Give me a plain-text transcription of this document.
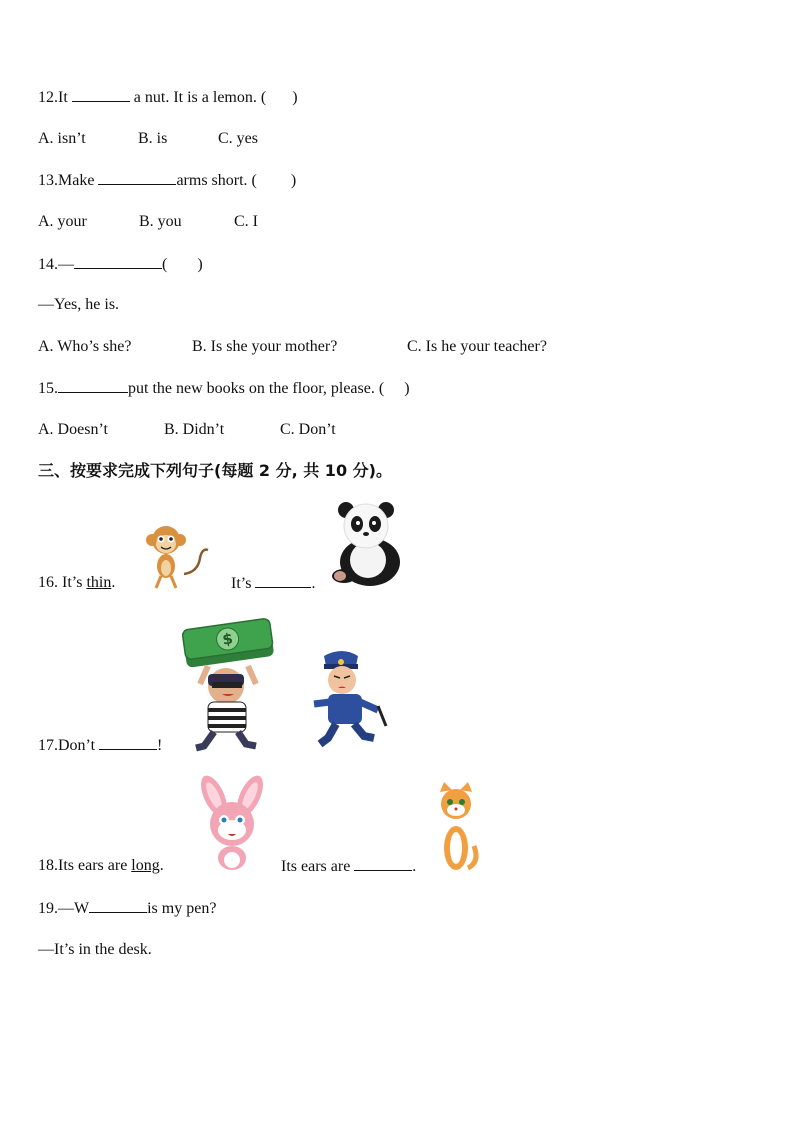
12.It	a nut. It is a lemon. ( )
A. isn’t	B. is	C. yes
13.Make	arms short. ( )
A. your	B. you	C. I
14.—	( )
—Yes, he is.
A. Who’s she?	B. Is she your mother?	C. Is he your teacher?
15.	put the new books on the floor, please. ( )
A. Doesn’t	B. Didn’t	C. Don’t
三、按要求完成下列句子(每题 2 分, 共 10 分)。
16. It’s thin.	It’s	.
$
17.Don’t	!
18.Its ears are long.	Its ears are	.
19.—W	is my pen?
—It’s in the desk.
